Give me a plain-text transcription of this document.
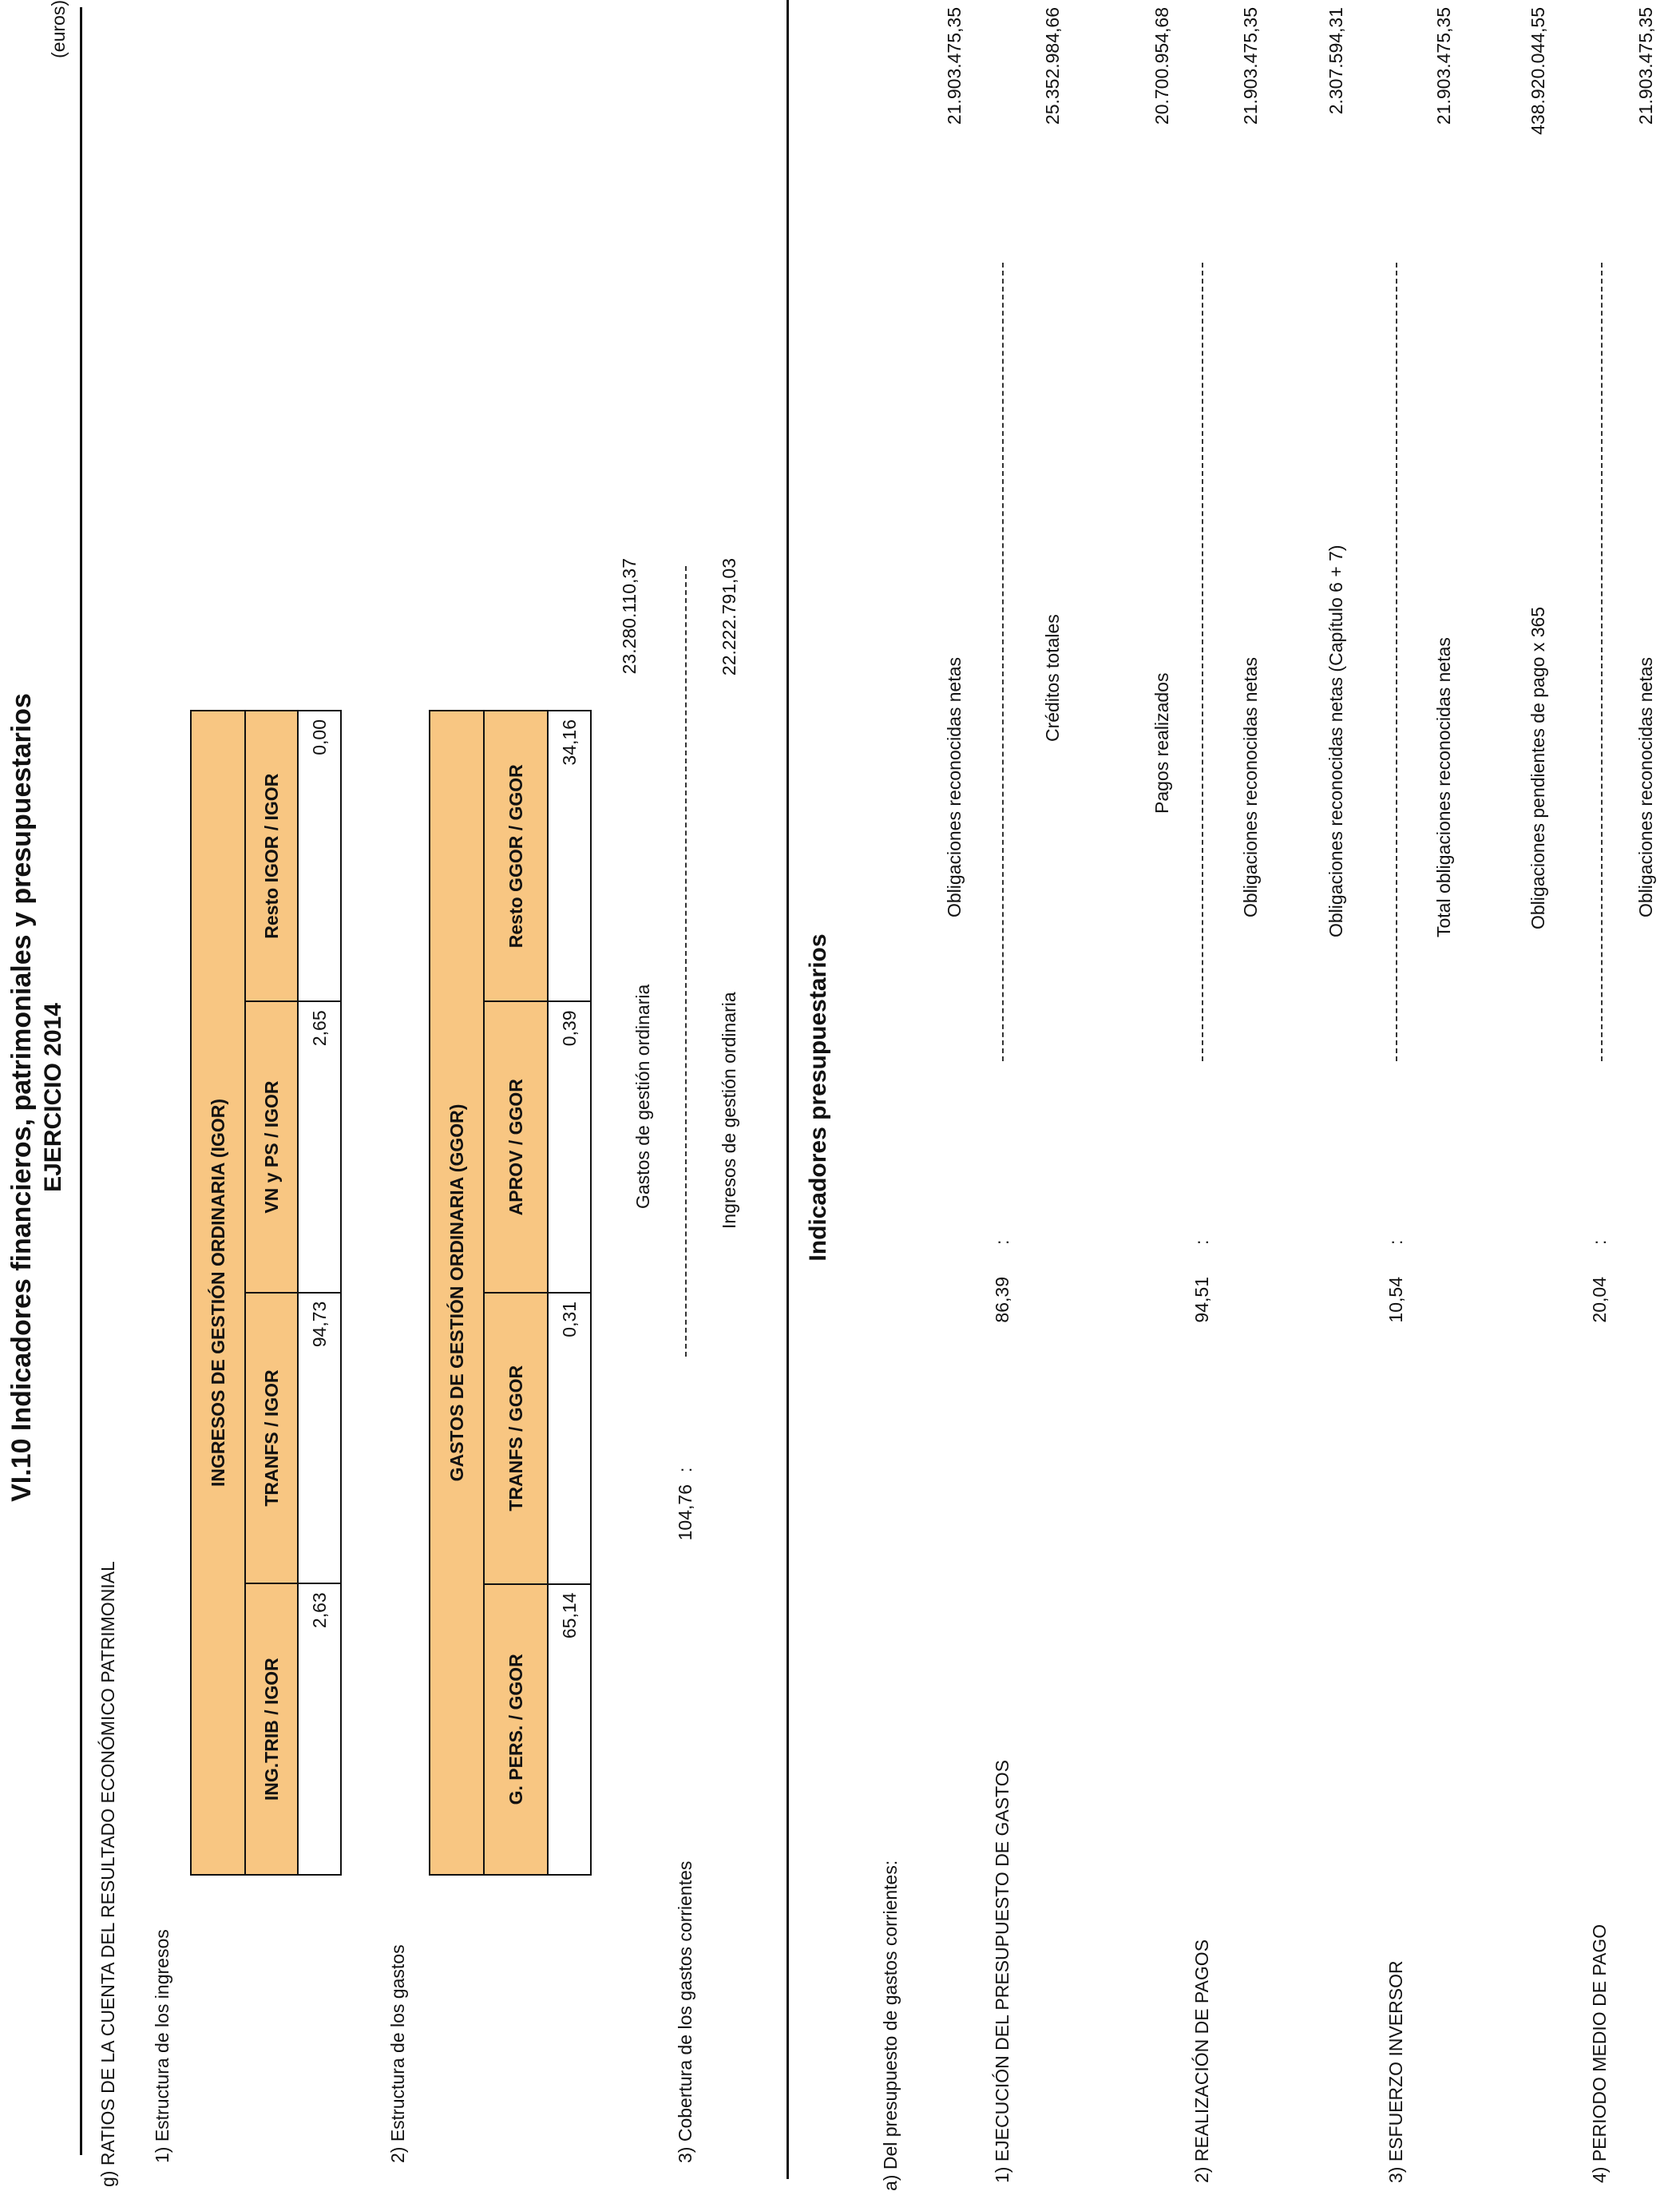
VI.10 Indicadores financieros, patrimoniales y presupuestarios EJERCICIO 2014
(euros)
g) RATIOS DE LA CUENTA DEL RESULTADO ECONÓMICO PATRIMONIAL 1) Estructura de los ingresos
INGRESOS DE GESTIÓN ORDINARIA (IGOR)			
ING.TRIB / IGOR	TRANFS / IGOR	VN y PS / IGOR	Resto IGOR / IGOR
2,63	94,73	2,65	0,00
2) Estructura de los gastos
GASTOS DE GESTIÓN ORDINARIA (GGOR)			
G. PERS. / GGOR	TRANFS / GGOR	APROV / GGOR	Resto GGOR / GGOR
65,14	0,31	0,39	34,16
3) Cobertura de los gastos corrientes
104,76
:
Gastos de gestión ordinaria
23.280.110,37
Ingresos de gestión ordinaria
22.222.791,03
Indicadores presupuestarios
a) Del presupuesto de gastos corrientes:	1) EJECUCIÓN DEL PRESUPUESTO DE GASTOS
86,39
:
Obligaciones reconocidas netas
21.903.475,35
Créditos totales
25.352.984,66
2) REALIZACIÓN DE PAGOS
94,51
:
Pagos realizados
20.700.954,68
Obligaciones reconocidas netas
21.903.475,35
3) ESFUERZO INVERSOR
10,54
:
Obligaciones reconocidas netas (Capítulo 6 + 7)
2.307.594,31
Total obligaciones reconocidas netas
21.903.475,35
4) PERIODO MEDIO DE PAGO
20,04
:
Obligaciones pendientes de pago x 365
438.920.044,55
Obligaciones reconocidas netas
21.903.475,35
